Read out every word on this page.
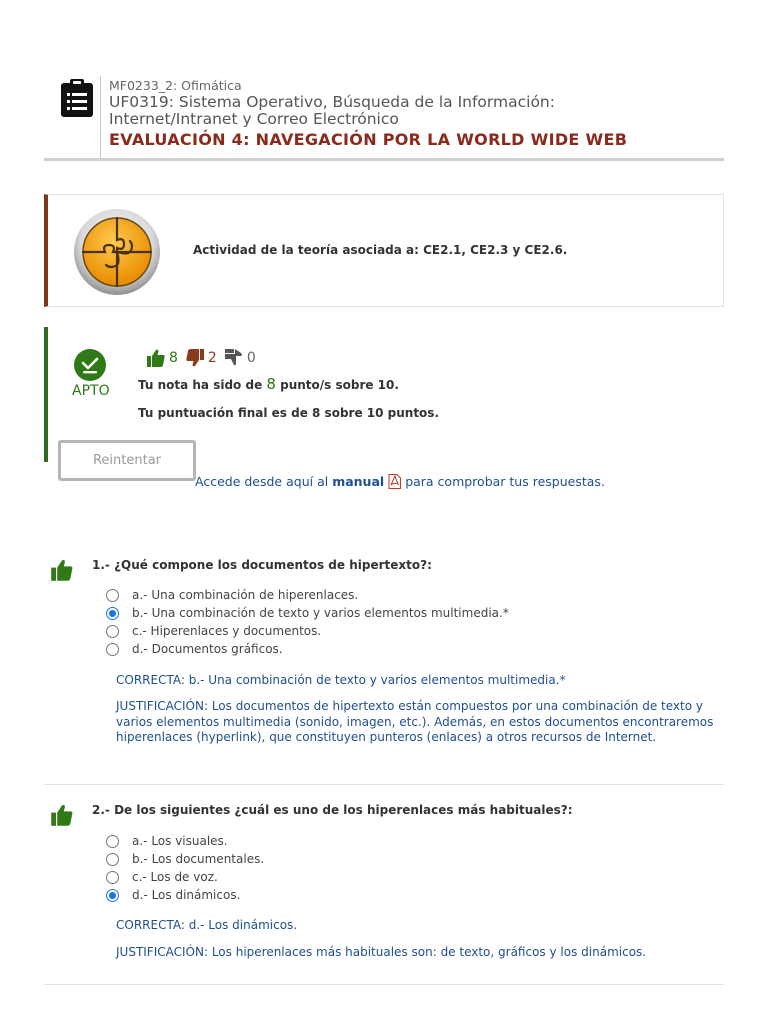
MF0233_2: Ofimática
UF0319: Sistema Operativo, Búsqueda de la Información: Internet/Intranet y Correo Electrónico
EVALUACIÓN 4: NAVEGACIÓN POR LA WORLD WIDE WEB
Actividad de la teoría asociada a: CE2.1, CE2.3 y CE2.6.
APTO
8 2 0
Tu nota ha sido de 8 punto/s sobre 10.
Tu puntuación final es de 8 sobre 10 puntos.
Reintentar
Accede desde aquí al manual para comprobar tus respuestas.
1.- ¿Qué compone los documentos de hipertexto?:
a.- Una combinación de hiperenlaces.
b.- Una combinación de texto y varios elementos multimedia.*
c.- Hiperenlaces y documentos.
d.- Documentos gráficos.
CORRECTA: b.- Una combinación de texto y varios elementos multimedia.*
JUSTIFICACIÓN: Los documentos de hipertexto están compuestos por una combinación de texto y varios elementos multimedia (sonido, imagen, etc.). Además, en estos documentos encontraremos hiperenlaces (hyperlink), que constituyen punteros (enlaces) a otros recursos de Internet.
2.- De los siguientes ¿cuál es uno de los hiperenlaces más habituales?:
a.- Los visuales.
b.- Los documentales.
c.- Los de voz.
d.- Los dinámicos.
CORRECTA: d.- Los dinámicos.
JUSTIFICACIÓN: Los hiperenlaces más habituales son: de texto, gráficos y los dinámicos.
